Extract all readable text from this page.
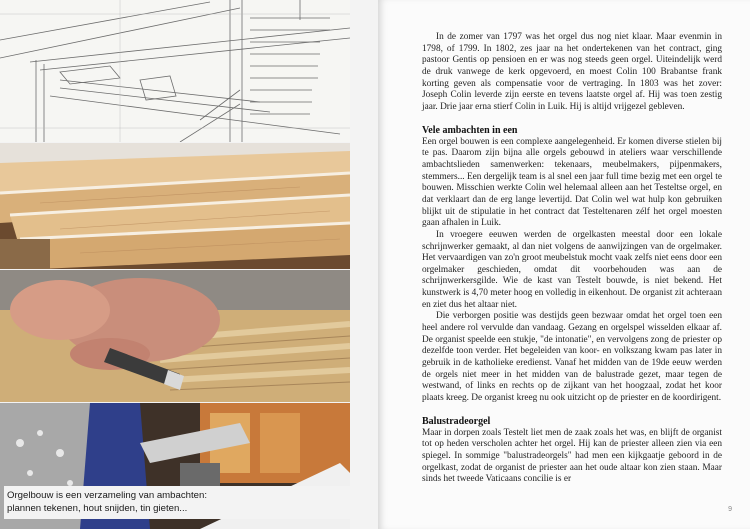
Orgelbouw is een verzameling van ambachten:
plannen tekenen, hout snijden, tin gieten...

In de zomer van 1797 was het orgel dus nog niet klaar. Maar evenmin in 1798, of 1799. In 1802, zes jaar na het ondertekenen van het contract, ging pastoor Gentis op pensioen en er was nog steeds geen orgel. Uiteindelijk werd de druk vanwege de kerk opgevoerd, en moest Colin 100 Brabantse frank korting geven als compensatie voor de vertraging. In 1803 was het zover: Joseph Colin leverde zijn eerste en tevens laatste orgel af. Hij was toen zestig jaar. Drie jaar erna stierf Colin in Luik. Hij is altijd vrijgezel gebleven.

Vele ambachten in een

Een orgel bouwen is een complexe aangelegenheid. Er komen diverse stielen bij te pas. Daarom zijn bijna alle orgels gebouwd in ateliers waar verschillende ambachtslieden samenwerken: tekenaars, meubelmakers, pijpenmakers, stemmers... Een dergelijk team is al snel een jaar full time bezig met een orgel te bouwen. Misschien werkte Colin wel helemaal alleen aan het Testeltse orgel, en dat verklaart dan de erg lange levertijd. Dat Colin wel wat hulp kon gebruiken blijkt uit de stipulatie in het contract dat Testeltenaren zélf het orgel moesten gaan afhalen in Luik.

In vroegere eeuwen werden de orgelkasten meestal door een lokale schrijnwerker gemaakt, al dan niet volgens de aanwijzingen van de orgelmaker. Het vervaardigen van zo'n groot meubelstuk mocht vaak zelfs niet eens door een orgelmaker geschieden, omdat dit voorbehouden was aan de schrijnwerkersgilde. Wie de kast van Testelt bouwde, is niet bekend. Het kunstwerk is 4,70 meter hoog en volledig in eikenhout. De organist zit achteraan en ziet dus het altaar niet.

Die verborgen positie was destijds geen bezwaar omdat het orgel toen een heel andere rol vervulde dan vandaag. Gezang en orgelspel wisselden elkaar af. De organist speelde een stukje, "de intonatie", en vervolgens zong de priester op dezelfde toon verder. Het begeleiden van koor- en volkszang kwam pas later in gebruik in de katholieke eredienst. Vanaf het midden van de 19de eeuw werden de orgels niet meer in het midden van de balustrade gezet, maar tegen de westwand, of links en rechts op de zijkant van het hoogzaal, zodat het koor plaats kreeg. De organist kreeg nu ook uitzicht op de priester en de koordirigent.

Balustradeorgel

Maar in dorpen zoals Testelt liet men de zaak zoals het was, en blijft de organist tot op heden verscholen achter het orgel. Hij kan de priester alleen zien via een spiegel. In sommige "balustradeorgels" had men een kijkgaatje geboord in de orgelkast, zodat de organist de priester aan het oude altaar kon zien staan. Maar sinds het tweede Vaticaans concilie is er

9
